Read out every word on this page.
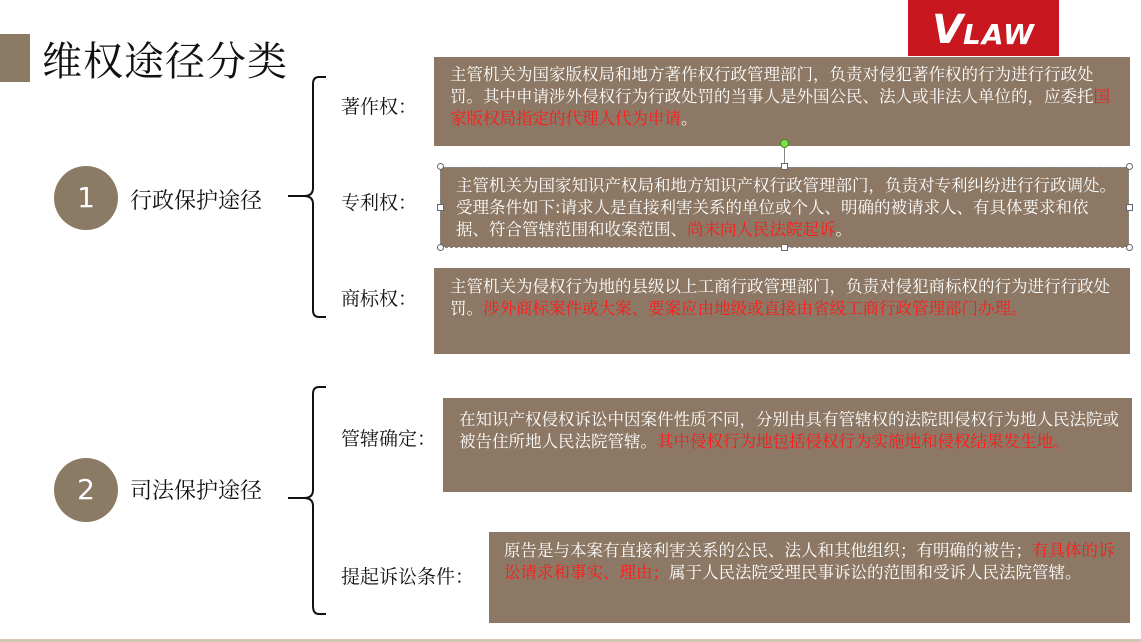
维权途径分类
V LAW
1	行政保护途径
著作权：
主管机关为国家版权局和地方著作权行政管理部门，负责对侵犯著作权的行为进行行政处罚。其中申请涉外侵权行为行政处罚的当事人是外国公民、法人或非法人单位的，应委托国家版权局指定的代理人代为申请。
专利权：
主管机关为国家知识产权局和地方知识产权行政管理部门，负责对专利纠纷进行行政调处。受理条件如下:请求人是直接利害关系的单位或个人、明确的被请求人、有具体要求和依据、符合管辖范围和收案范围、尚未向人民法院起诉。
商标权：
主管机关为侵权行为地的县级以上工商行政管理部门，负责对侵犯商标权的行为进行行政处罚。涉外商标案件或大案、要案应由地级或直接由省级工商行政管理部门办理。
2	司法保护途径
管辖确定：
在知识产权侵权诉讼中因案件性质不同，分别由具有管辖权的法院即侵权行为地人民法院或被告住所地人民法院管辖。其中侵权行为地包括侵权行为实施地和侵权结果发生地。
提起诉讼条件：
原告是与本案有直接利害关系的公民、法人和其他组织；有明确的被告；有具体的诉讼请求和事实、理由；属于人民法院受理民事诉讼的范围和受诉人民法院管辖。
